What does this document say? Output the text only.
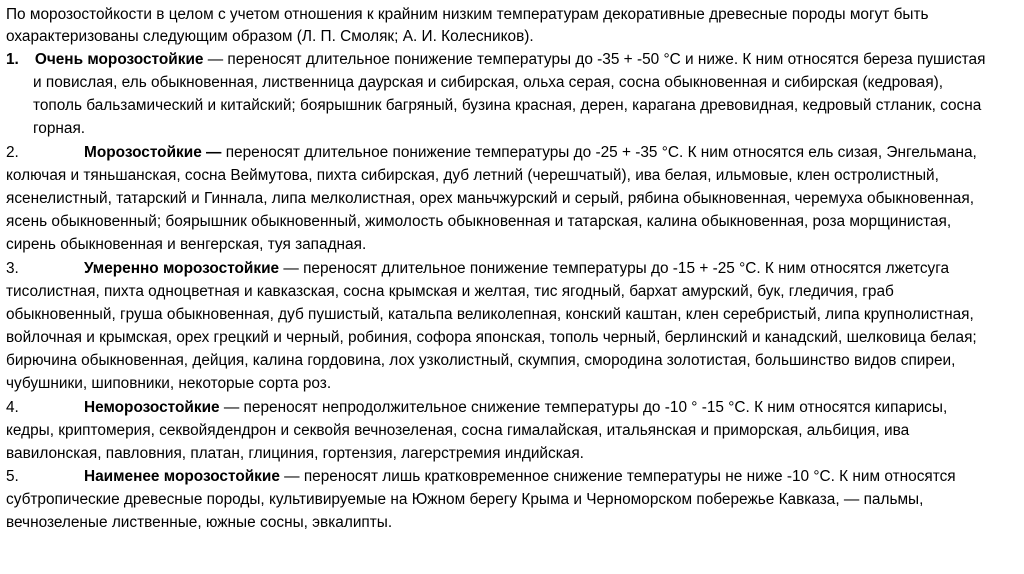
По морозостойкости в целом с учетом отношения к крайним низким температурам декоративные древесные породы могут быть
охарактеризованы следующим образом (Л. П. Смоляк; А. И. Колесников).
1. Очень морозостойкие — переносят длительное понижение температуры до -35 + -50 °С и ниже. К ним относятся береза пушистая
и повислая, ель обыкновенная, лиственница даурская и сибирская, ольха серая, сосна обыкновенная и сибирская (кедровая),
тополь бальзамический и китайский; боярышник багряный, бузина красная, дерен, карагана древовидная, кедровый стланик, сосна
горная.
2.	Морозостойкие — переносят длительное понижение температуры до -25 + -35 °С. К ним относятся ель сизая, Энгельмана,
колючая и тяньшанская, сосна Веймутова, пихта сибирская, дуб летний (черешчатый), ива белая, ильмовые, клен остролистный,
ясенелистный, татарский и Гиннала, липа мелколистная, орех маньчжурский и серый, рябина обыкновенная, черемуха обыкновенная,
ясень обыкновенный; боярышник обыкновенный, жимолость обыкновенная и татарская, калина обыкновенная, роза морщинистая,
сирень обыкновенная и венгерская, туя западная.
3.	Умеренно морозостойкие — переносят длительное понижение температуры до -15 + -25 °С. К ним относятся лжетсуга
тисолистная, пихта одноцветная и кавказская, сосна крымская и желтая, тис ягодный, бархат амурский, бук, гледичия, граб
обыкновенный, груша обыкновенная, дуб пушистый, катальпа великолепная, конский каштан, клен серебристый, липа крупнолистная,
войлочная и крымская, орех грецкий и черный, робиния, софора японская, тополь черный, берлинский и канадский, шелковица белая;
бирючина обыкновенная, дейция, калина гордовина, лох узколистный, скумпия, смородина золотистая, большинство видов спиреи,
чубушники, шиповники, некоторые сорта роз.
4.	Неморозостойкие — переносят непродолжительное снижение температуры до -10 ° -15 °С. К ним относятся кипарисы,
кедры, криптомерия, секвойядендрон и секвойя вечнозеленая, сосна гималайская, итальянская и приморская, альбиция, ива
вавилонская, павловния, платан, глициния, гортензия, лагерстремия индийская.
5.	Наименее морозостойкие — переносят лишь кратковременное снижение температуры не ниже -10 °С. К ним относятся
субтропические древесные породы, культивируемые на Южном берегу Крыма и Черноморском побережье Кавказа, — пальмы,
вечнозеленые лиственные, южные сосны, эвкалипты.
